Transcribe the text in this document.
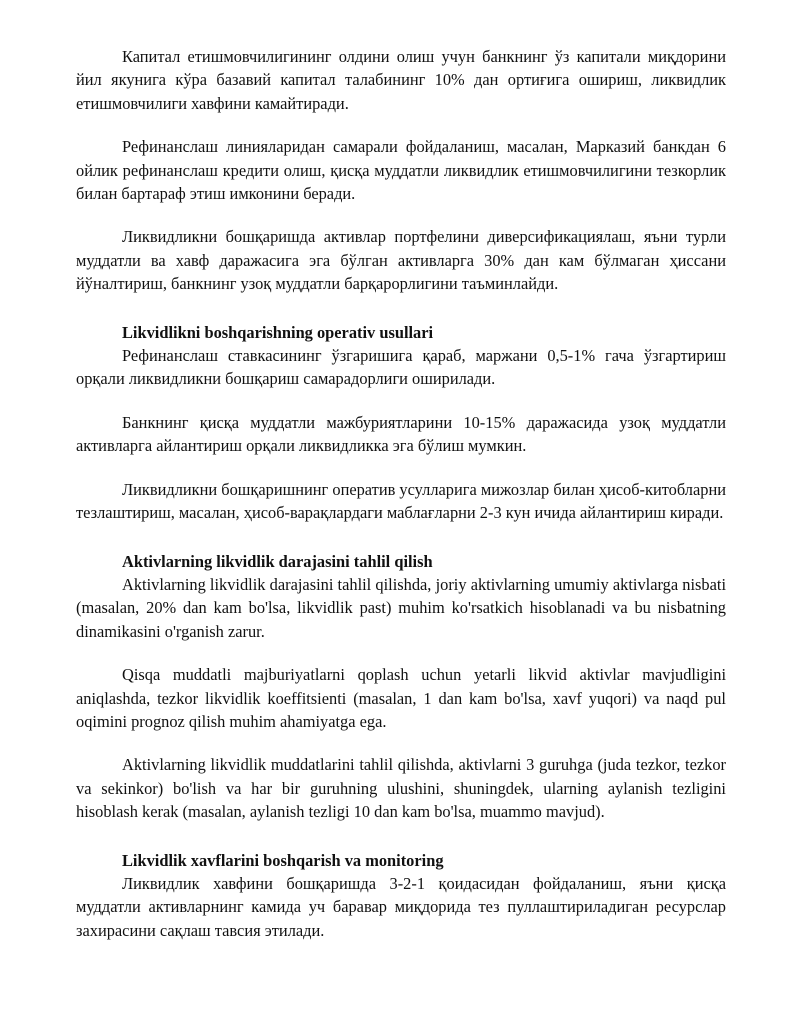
Капитал етишмовчилигининг олдини олиш учун банкнинг ўз капитали миқдорини йил якунига кўра базавий капитал талабининг 10% дан ортиғига ошириш, ликвидлик етишмовчилиги хавфини камайтиради.

Рефинанслаш линияларидан самарали фойдаланиш, масалан, Марказий банкдан 6 ойлик рефинанслаш кредити олиш, қисқа муддатли ликвидлик етишмовчилигини тезкорлик билан бартараф этиш имконини беради.

Ликвидликни бошқаришда активлар портфелини диверсификациялаш, яъни турли муддатли ва хавф даражасига эга бўлган активларга 30% дан кам бўлмаган ҳиссани йўналтириш, банкнинг узоқ муддатли барқарорлигини таъминлайди.

Likvidlikni boshqarishning operativ usullari

Рефинанслаш ставкасининг ўзгаришига қараб, маржани 0,5-1% гача ўзгартириш орқали ликвидликни бошқариш самарадорлиги оширилади.

Банкнинг қисқа муддатли мажбуриятларини 10-15% даражасида узоқ муддатли активларга айлантириш орқали ликвидликка эга бўлиш мумкин.

Ликвидликни бошқаришнинг оператив усулларига мижозлар билан ҳисоб-китобларни тезлаштириш, масалан, ҳисоб-варақлардаги маблағларни 2-3 кун ичида айлантириш киради.

Aktivlarning likvidlik darajasini tahlil qilish

Aktivlarning likvidlik darajasini tahlil qilishda, joriy aktivlarning umumiy aktivlarga nisbati (masalan, 20% dan kam bo'lsa, likvidlik past) muhim ko'rsatkich hisoblanadi va bu nisbatning dinamikasini o'rganish zarur.

Qisqa muddatli majburiyatlarni qoplash uchun yetarli likvid aktivlar mavjudligini aniqlashda, tezkor likvidlik koeffitsienti (masalan, 1 dan kam bo'lsa, xavf yuqori) va naqd pul oqimini prognoz qilish muhim ahamiyatga ega.

Aktivlarning likvidlik muddatlarini tahlil qilishda, aktivlarni 3 guruhga (juda tezkor, tezkor va sekinkor) bo'lish va har bir guruhning ulushini, shuningdek, ularning aylanish tezligini hisoblash kerak (masalan, aylanish tezligi 10 dan kam bo'lsa, muammo mavjud).

Likvidlik xavflarini boshqarish va monitoring

Ликвидлик хавфини бошқаришда 3-2-1 қоидасидан фойдаланиш, яъни қисқа муддатли активларнинг камида уч баравар миқдорида тез пуллаштириладиган ресурслар захирасини сақлаш тавсия этилади.
